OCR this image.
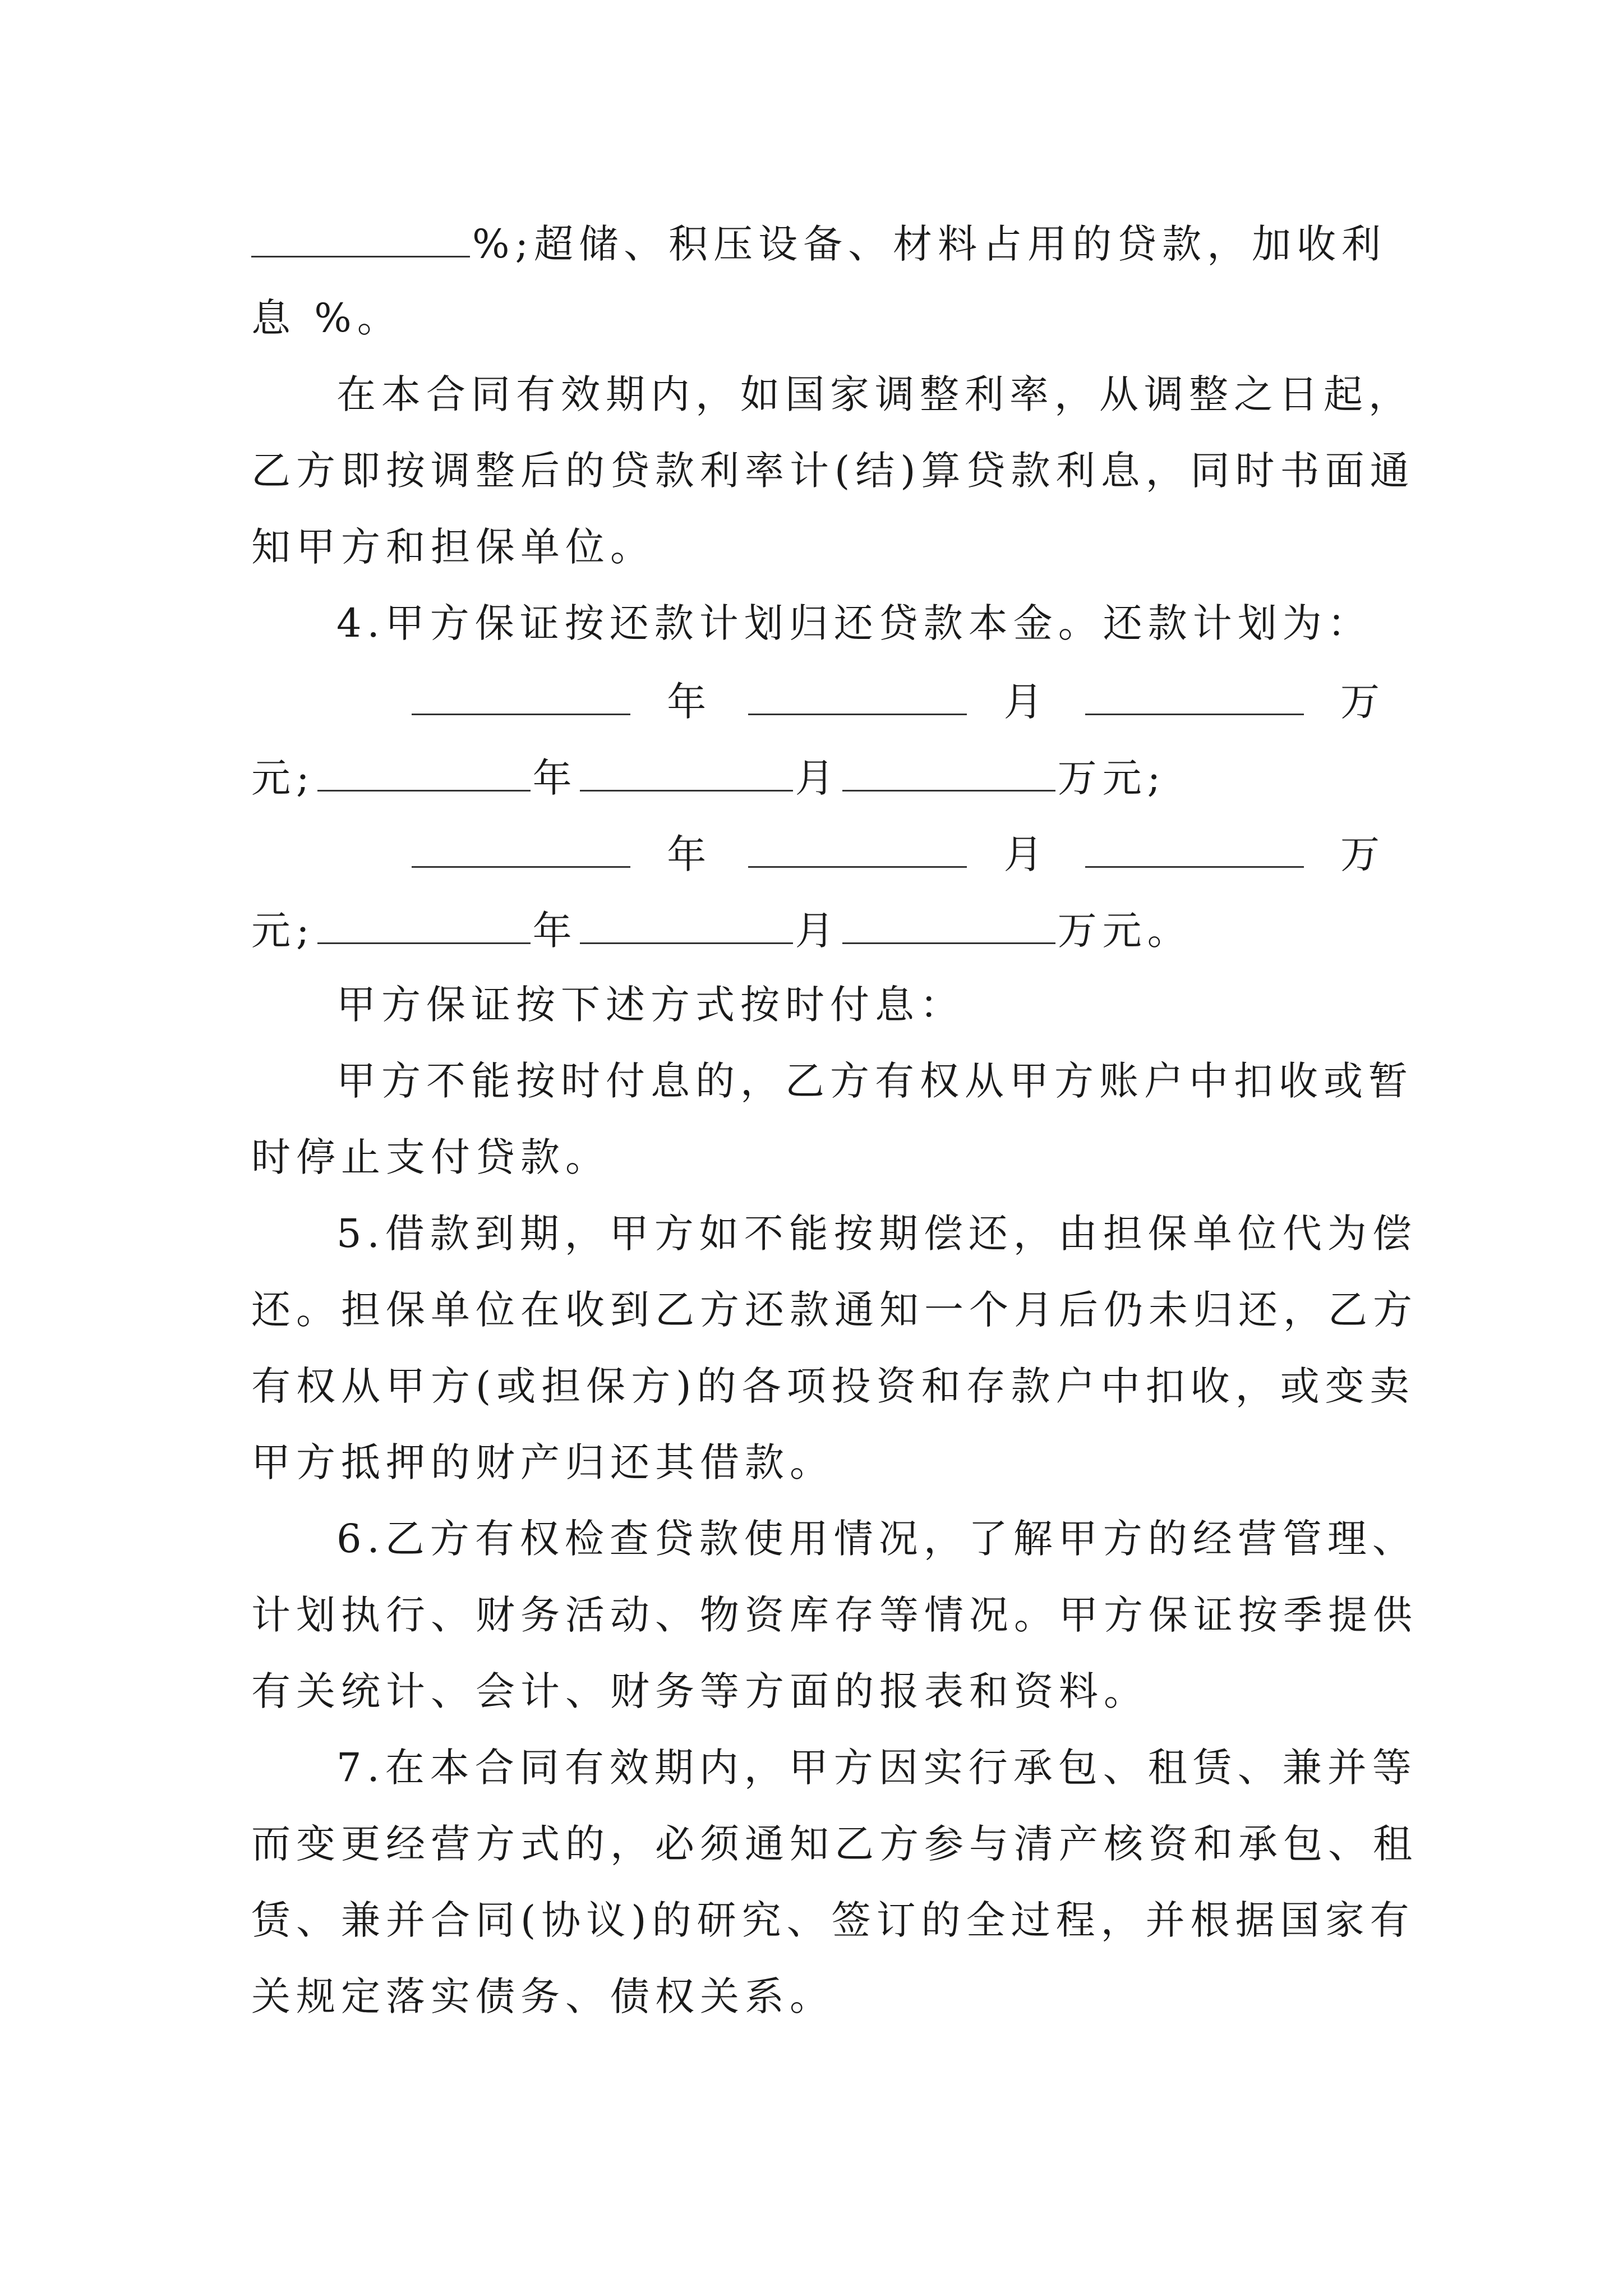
%;超储、积压设备、材料占用的贷款，加收利
息 %。
在本合同有效期内，如国家调整利率，从调整之日起，
乙方即按调整后的贷款利率计(结)算贷款利息，同时书面通
知甲方和担保单位。
4.甲方保证按还款计划归还贷款本金。还款计划为：
年	月	万
元;	年	月	万元;
年	月	万
元;	年	月	万元。
甲方保证按下述方式按时付息：
甲方不能按时付息的，乙方有权从甲方账户中扣收或暂
时停止支付贷款。
5.借款到期，甲方如不能按期偿还，由担保单位代为偿
还。担保单位在收到乙方还款通知一个月后仍未归还，乙方
有权从甲方(或担保方)的各项投资和存款户中扣收，或变卖
甲方抵押的财产归还其借款。
6.乙方有权检查贷款使用情况，了解甲方的经营管理、
计划执行、财务活动、物资库存等情况。甲方保证按季提供
有关统计、会计、财务等方面的报表和资料。
7.在本合同有效期内，甲方因实行承包、租赁、兼并等
而变更经营方式的，必须通知乙方参与清产核资和承包、租
赁、兼并合同(协议)的研究、签订的全过程，并根据国家有
关规定落实债务、债权关系。
